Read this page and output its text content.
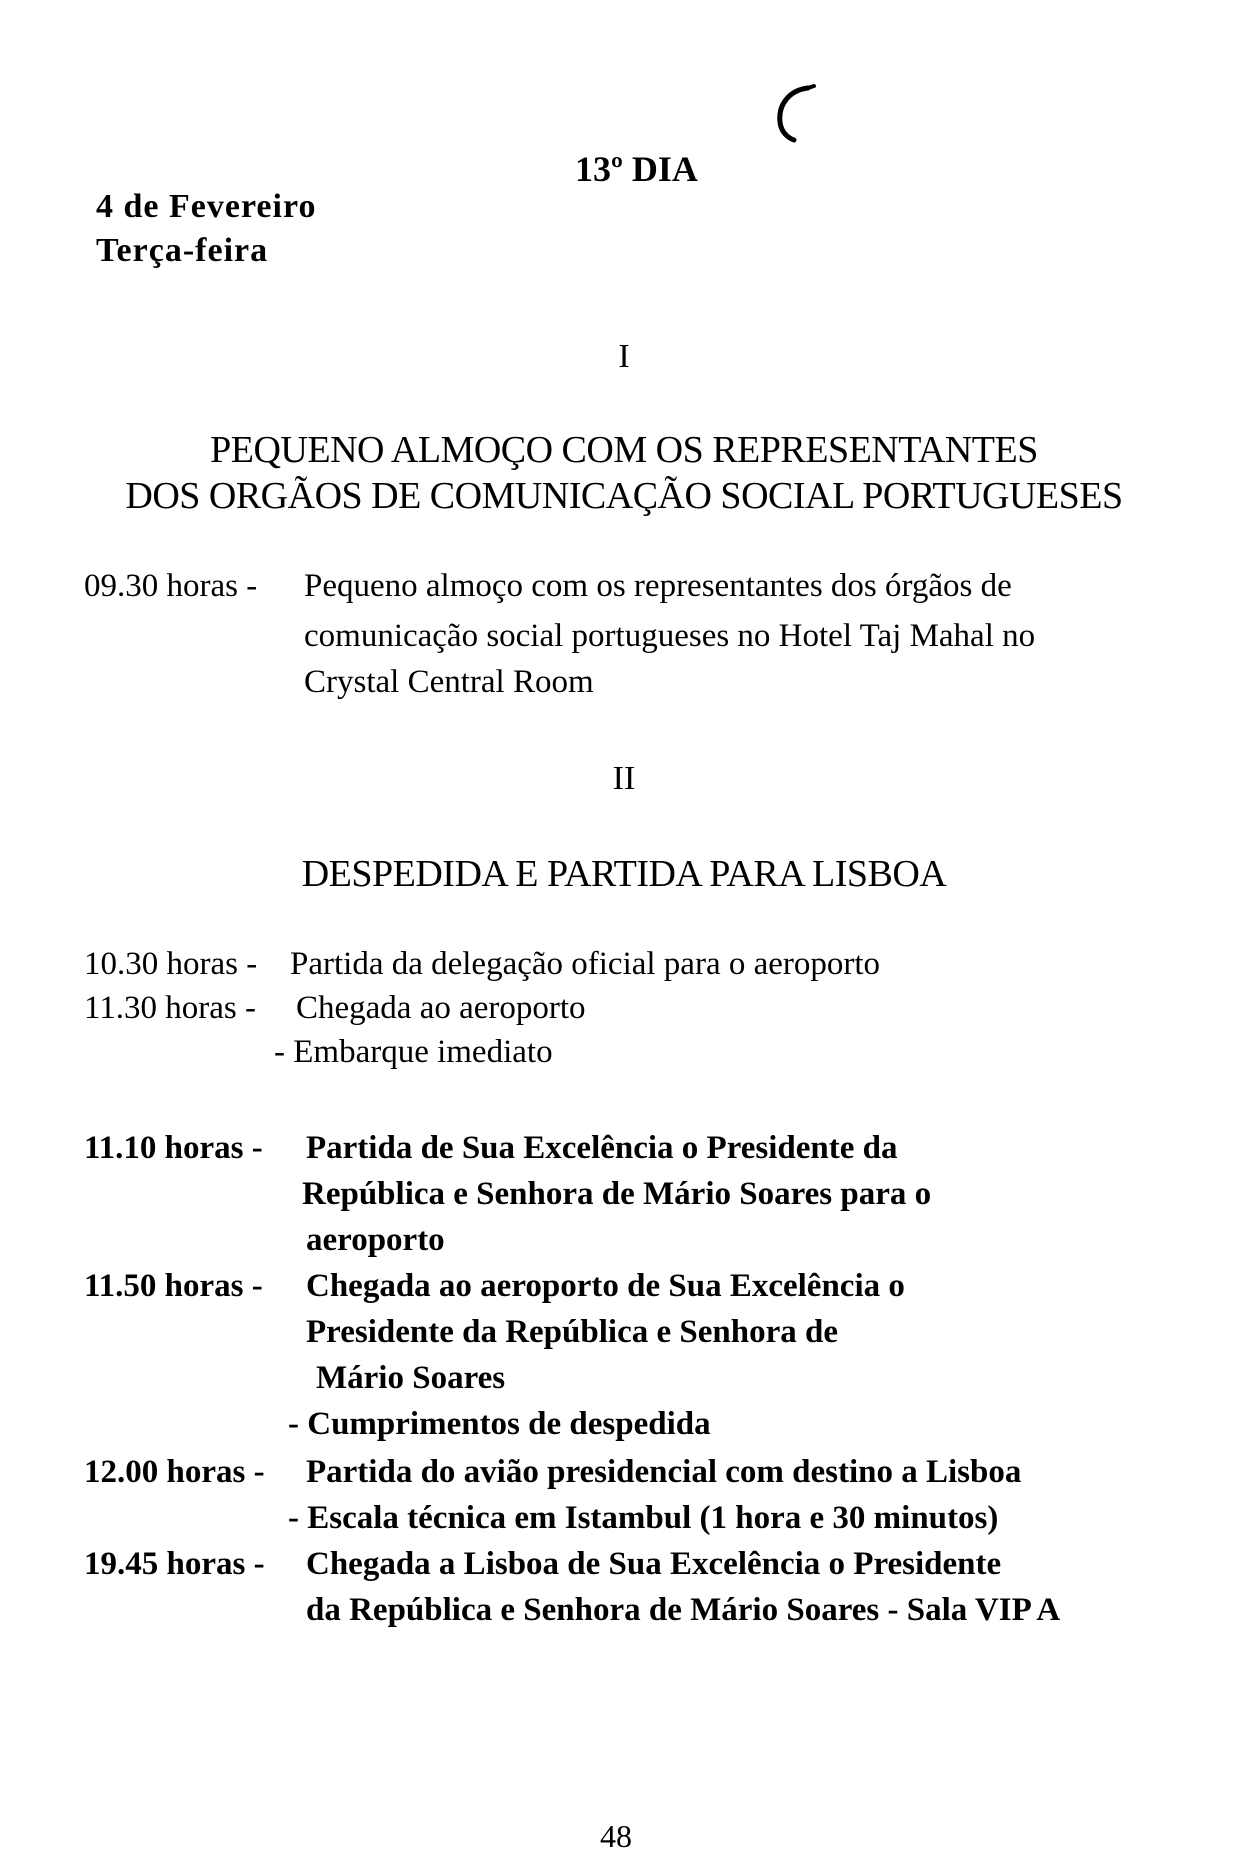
13º DIA
4 de Fevereiro
Terça-feira
I
PEQUENO ALMOÇO COM OS REPRESENTANTES
DOS ORGÃOS DE COMUNICAÇÃO SOCIAL PORTUGUESES
09.30 horas - Pequeno almoço com os representantes dos órgãos de
comunicação social portugueses no Hotel Taj Mahal no
Crystal Central Room
II
DESPEDIDA E PARTIDA PARA LISBOA
10.30 horas - Partida da delegação oficial para o aeroporto
11.30 horas - Chegada ao aeroporto
- Embarque imediato
11.10 horas - Partida de Sua Excelência o Presidente da
República e Senhora de Mário Soares para o
aeroporto
11.50 horas - Chegada ao aeroporto de Sua Excelência o
Presidente da República e Senhora de
Mário Soares
- Cumprimentos de despedida
12.00 horas - Partida do avião presidencial com destino a Lisboa
- Escala técnica em Istambul (1 hora e 30 minutos)
19.45 horas - Chegada a Lisboa de Sua Excelência o Presidente
da República e Senhora de Mário Soares - Sala VIP A
48
